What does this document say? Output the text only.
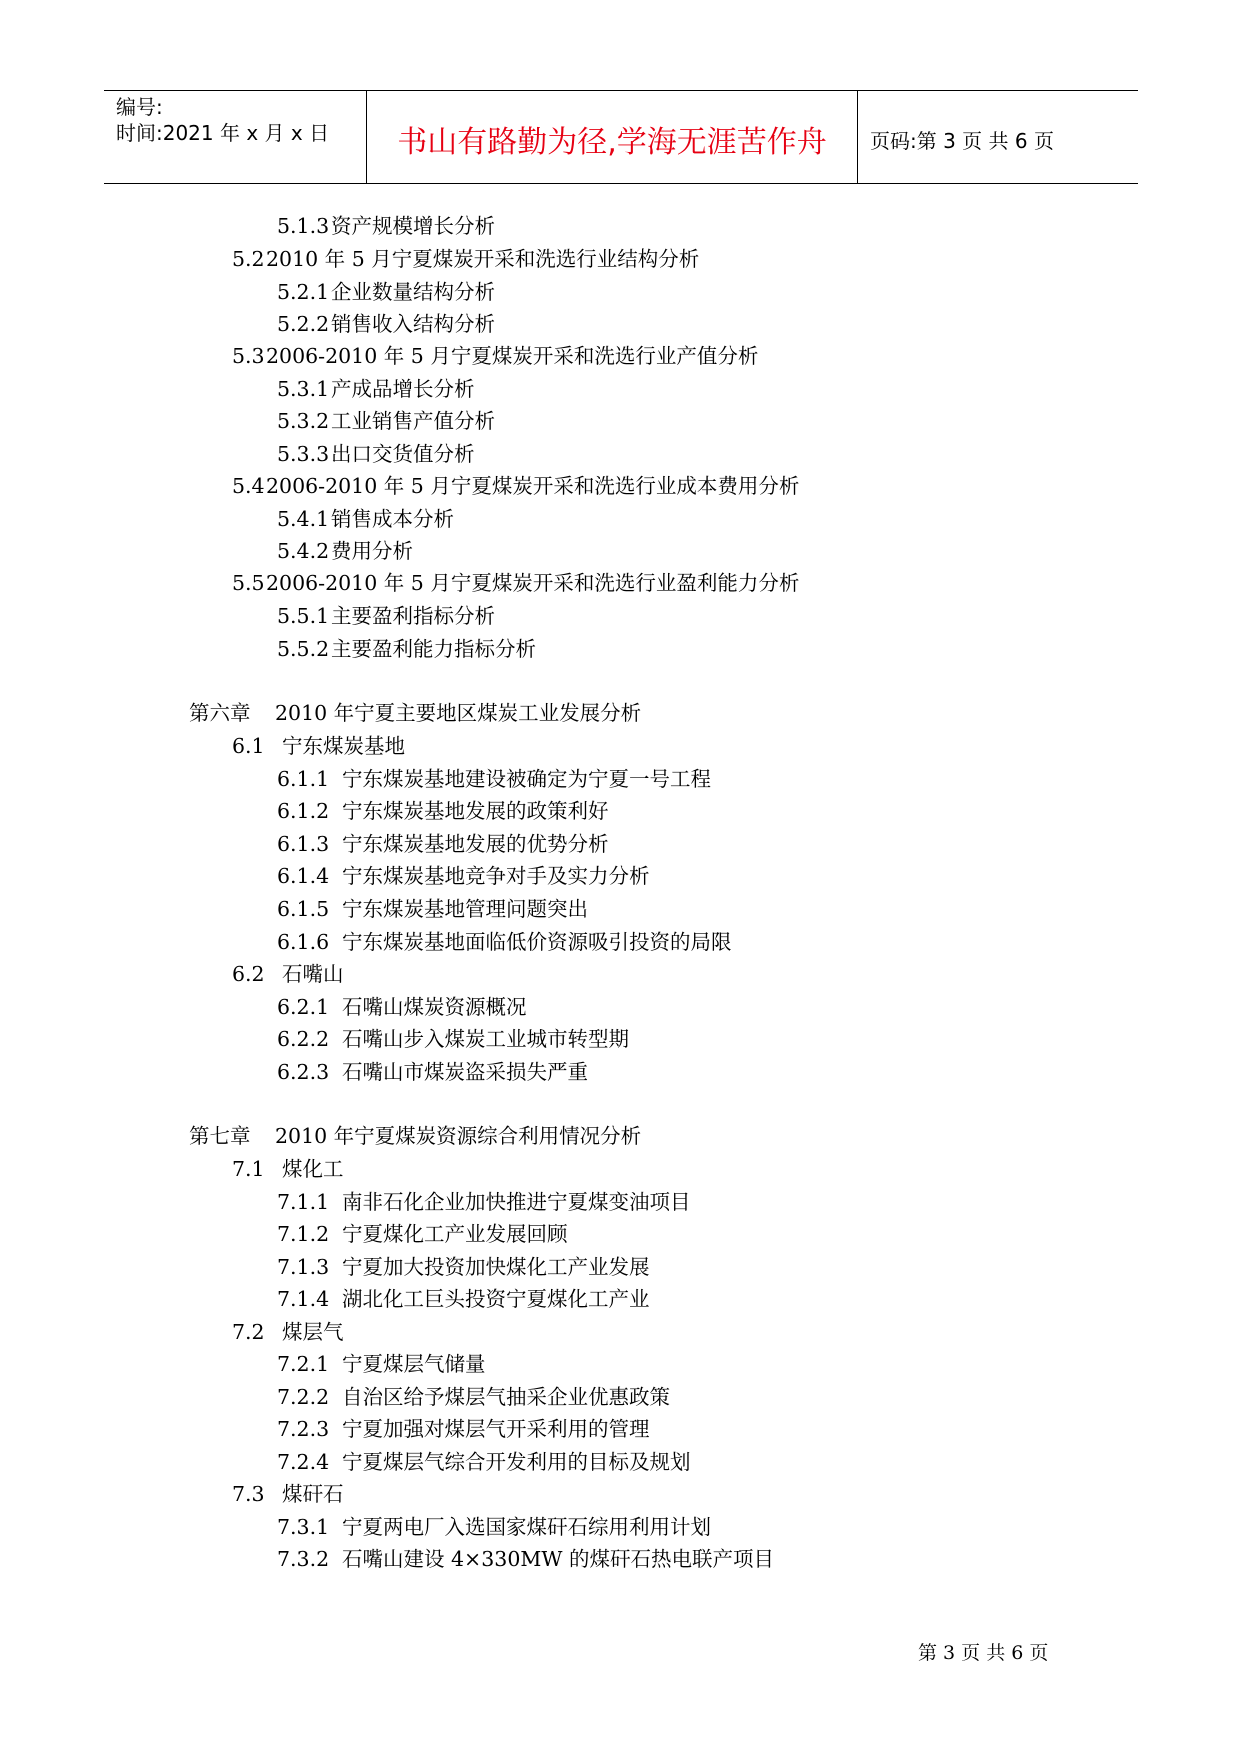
编号:
时间:2021 年 x 月 x 日	书山有路勤为径,学海无涯苦作舟	页码:第 3 页 共 6 页
5.1.3资产规模增长分析
5.22010 年 5 月宁夏煤炭开采和洗选行业结构分析
5.2.1企业数量结构分析
5.2.2销售收入结构分析
5.32006-2010 年 5 月宁夏煤炭开采和洗选行业产值分析
5.3.1产成品增长分析
5.3.2工业销售产值分析
5.3.3出口交货值分析
5.42006-2010 年 5 月宁夏煤炭开采和洗选行业成本费用分析
5.4.1销售成本分析
5.4.2费用分析
5.52006-2010 年 5 月宁夏煤炭开采和洗选行业盈利能力分析
5.5.1主要盈利指标分析
5.5.2主要盈利能力指标分析
第六章 2010 年宁夏主要地区煤炭工业发展分析
6.1 宁东煤炭基地
6.1.1 宁东煤炭基地建设被确定为宁夏一号工程
6.1.2 宁东煤炭基地发展的政策利好
6.1.3 宁东煤炭基地发展的优势分析
6.1.4 宁东煤炭基地竞争对手及实力分析
6.1.5 宁东煤炭基地管理问题突出
6.1.6 宁东煤炭基地面临低价资源吸引投资的局限
6.2 石嘴山
6.2.1 石嘴山煤炭资源概况
6.2.2 石嘴山步入煤炭工业城市转型期
6.2.3 石嘴山市煤炭盗采损失严重
第七章 2010 年宁夏煤炭资源综合利用情况分析
7.1 煤化工
7.1.1 南非石化企业加快推进宁夏煤变油项目
7.1.2 宁夏煤化工产业发展回顾
7.1.3 宁夏加大投资加快煤化工产业发展
7.1.4 湖北化工巨头投资宁夏煤化工产业
7.2 煤层气
7.2.1 宁夏煤层气储量
7.2.2 自治区给予煤层气抽采企业优惠政策
7.2.3 宁夏加强对煤层气开采利用的管理
7.2.4 宁夏煤层气综合开发利用的目标及规划
7.3 煤矸石
7.3.1 宁夏两电厂入选国家煤矸石综用利用计划
7.3.2 石嘴山建设 4×330MW 的煤矸石热电联产项目
第 3 页 共 6 页
